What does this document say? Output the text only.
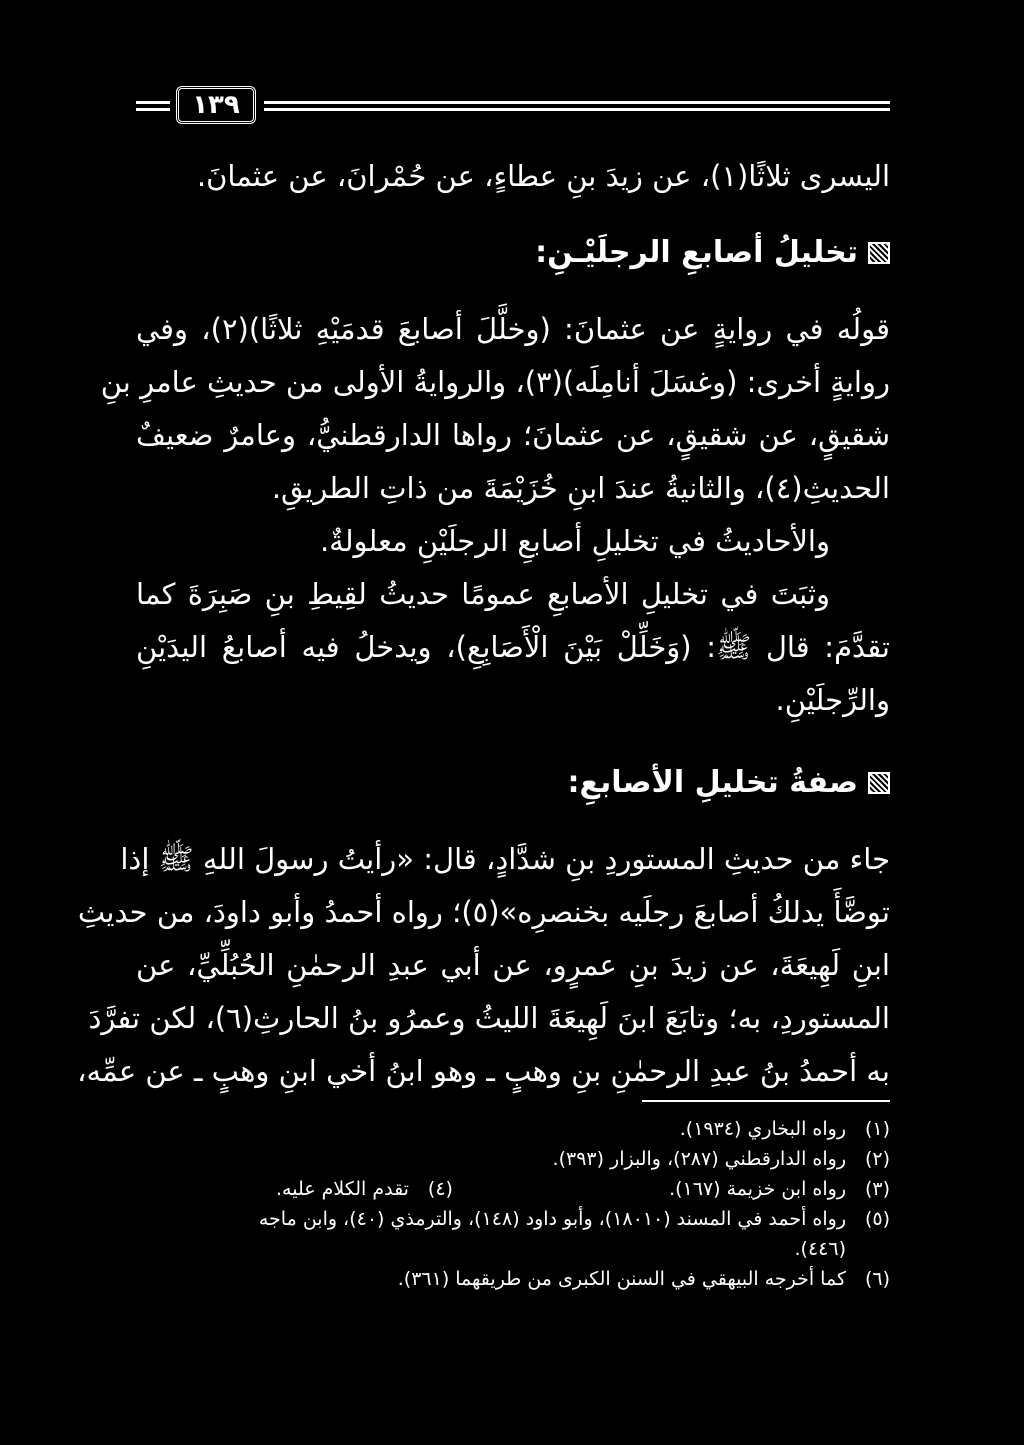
١٣٩
اليسرى ثلاثًا(١)، عن زيدَ بنِ عطاءٍ، عن حُمْرانَ، عن عثمانَ.
تخليلُ أصابعِ الرجلَيْـنِ:
قولُه في روايةٍ عن عثمانَ: (وخلَّلَ أصابعَ قدمَيْهِ ثلاثًا)(٢)، وفي
روايةٍ أخرى: (وغسَلَ أنامِلَه)(٣)، والروايةُ الأولى من حديثِ عامرِ بنِ
شقيقٍ، عن شقيقٍ، عن عثمانَ؛ رواها الدارقطنيُّ، وعامرٌ ضعيفٌ
الحديثِ(٤)، والثانيةُ عندَ ابنِ خُزَيْمَةَ من ذاتِ الطريقِ.
والأحاديثُ في تخليلِ أصابعِ الرجلَيْنِ معلولةٌ.
وثبَتَ في تخليلِ الأصابعِ عمومًا حديثُ لقِيطِ بنِ صَبِرَةَ كما
تقدَّمَ: قال ﷺ: (وَخَلِّلْ بَيْنَ الْأَصَابِعِ)، ويدخلُ فيه أصابعُ اليدَيْنِ
والرِّجلَيْنِ.
صفةُ تخليلِ الأصابعِ:
جاء من حديثِ المستوردِ بنِ شدَّادٍ، قال: «رأيتُ رسولَ اللهِ ﷺ إذا
توضَّأَ يدلكُ أصابعَ رجلَيه بخنصرِه»(٥)؛ رواه أحمدُ وأبو داودَ، من حديثِ
ابنِ لَهِيعَةَ، عن زيدَ بنِ عمرٍو، عن أبي عبدِ الرحمٰنِ الحُبُلِّيِّ، عن
المستوردِ، به؛ وتابَعَ ابنَ لَهِيعَةَ الليثُ وعمرُو بنُ الحارثِ(٦)، لكن تفرَّدَ
به أحمدُ بنُ عبدِ الرحمٰنِ بنِ وهبٍ ـ وهو ابنُ أخي ابنِ وهبٍ ـ عن عمِّه،
(١)رواه البخاري (١٩٣٤).
(٢)رواه الدارقطني (٢٨٧)، والبزار (٣٩٣).
(٣)رواه ابن خزيمة (١٦٧).
(٤)تقدم الكلام عليه.
(٥)رواه أحمد في المسند (١٨٠١٠)، وأبو داود (١٤٨)، والترمذي (٤٠)، وابن ماجه
(٤٤٦).
(٦)كما أخرجه البيهقي في السنن الكبرى من طريقهما (٣٦١).
